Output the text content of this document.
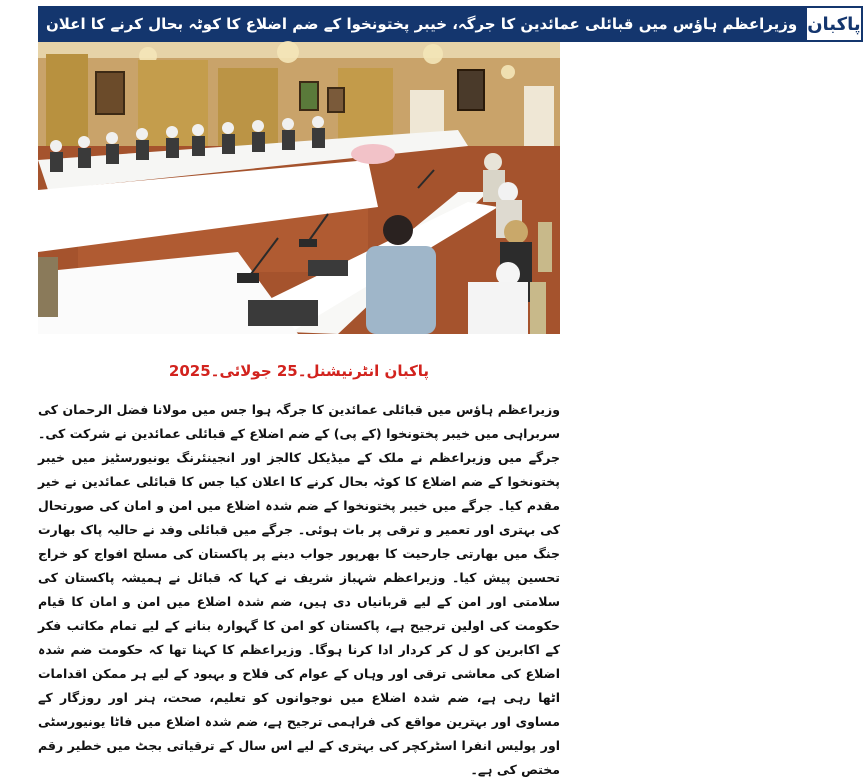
وزیراعظم ہاؤس میں قبائلی عمائدین کا جرگہ، خیبر پختونخوا کے ضم اضلاع کا کوٹہ بحال کرنے کا اعلان پاکبان
پاکبان انٹرنیشنل۔25 جولائی۔2025
وزیراعظم ہاؤس میں قبائلی عمائدین کا جرگہ ہوا جس میں مولانا فضل الرحمان کی سربراہی میں خیبر پختونخوا (کے پی) کے ضم اضلاع کے قبائلی عمائدین نے شرکت کی۔ جرگے میں وزیراعظم نے ملک کے میڈیکل کالجز اور انجینئرنگ یونیورسٹیز میں خیبر پختونخوا کے ضم اضلاع کا کوٹہ بحال کرنے کا اعلان کیا جس کا قبائلی عمائدین نے خیر مقدم کیا۔ جرگے میں خیبر پختونخوا کے ضم شدہ اضلاع میں امن و امان کی صورتحال کی بہتری اور تعمیر و ترقی پر بات ہوئی۔ جرگے میں قبائلی وفد نے حالیہ پاک بھارت جنگ میں بھارتی جارحیت کا بھرپور جواب دینے پر پاکستان کی مسلح افواج کو خراج تحسین پیش کیا۔ وزیراعظم شہباز شریف نے کہا کہ قبائل نے ہمیشہ پاکستان کی سلامتی اور امن کے لیے قربانیاں دی ہیں، ضم شدہ اضلاع میں امن و امان کا قیام حکومت کی اولین ترجیح ہے، پاکستان کو امن کا گہوارہ بنانے کے لیے تمام مکاتب فکر کے اکابرین کو ل کر کردار ادا کرنا ہوگا۔ وزیراعظم کا کہنا تھا کہ حکومت ضم شدہ اضلاع کی معاشی ترقی اور وہاں کے عوام کی فلاح و بہبود کے لیے ہر ممکن اقدامات اٹھا رہی ہے، ضم شدہ اضلاع میں نوجوانوں کو تعلیم، صحت، ہنر اور روزگار کے مساوی اور بہترین مواقع کی فراہمی ترجیح ہے، ضم شدہ اضلاع میں فاٹا یونیورسٹی اور پولیس انفرا اسٹرکچر کی بہتری کے لیے اس سال کے ترقیاتی بجٹ میں خطیر رقم مختص کی ہے۔
